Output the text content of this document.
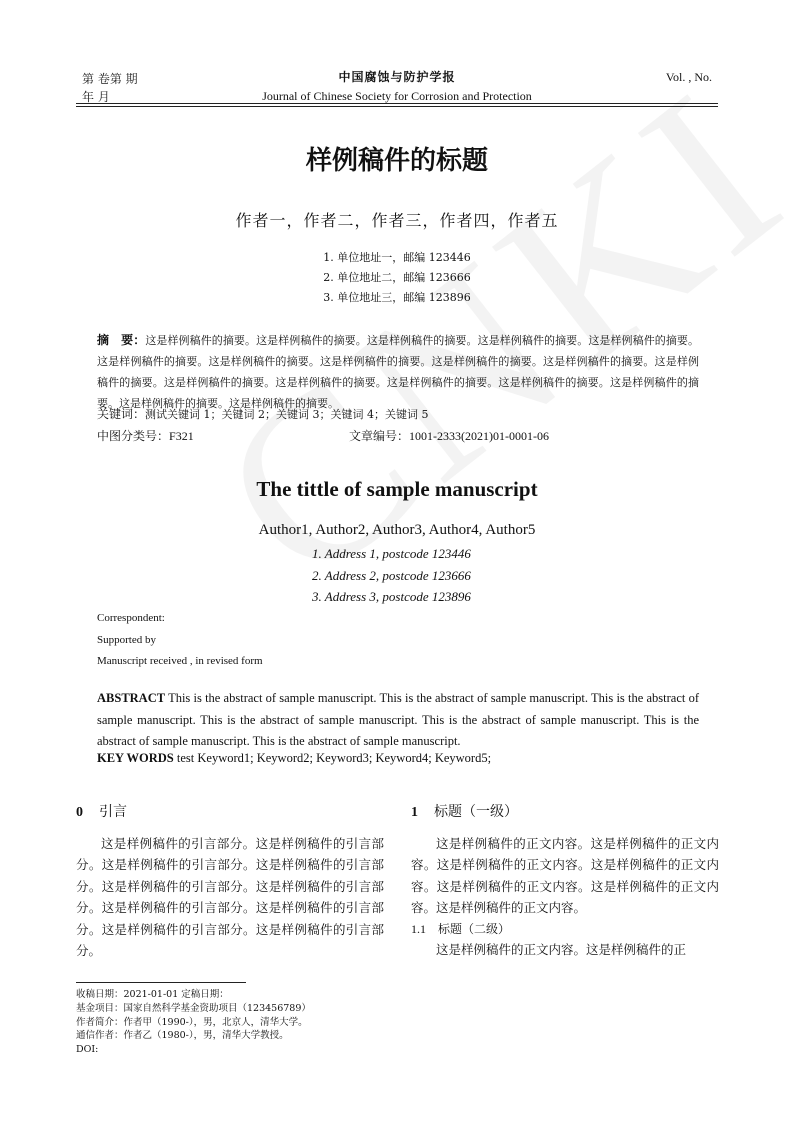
第 卷第 期
年 月
中国腐蚀与防护学报
Journal of Chinese Society for Corrosion and Protection
Vol. , No.
样例稿件的标题
作者一，作者二，作者三，作者四，作者五
1. 单位地址一，邮编 123446
2. 单位地址二，邮编 123666
3. 单位地址三，邮编 123896
摘　要：这是样例稿件的摘要。这是样例稿件的摘要。这是样例稿件的摘要。这是样例稿件的摘要。这是样例稿件的摘要。这是样例稿件的摘要。这是样例稿件的摘要。这是样例稿件的摘要。这是样例稿件的摘要。这是样例稿件的摘要。这是样例稿件的摘要。这是样例稿件的摘要。这是样例稿件的摘要。这是样例稿件的摘要。这是样例稿件的摘要。这是样例稿件的摘要。这是样例稿件的摘要。这是样例稿件的摘要。
关键词：测试关键词 1；关键词 2；关键词 3；关键词 4；关键词 5
中图分类号：F321	文章编号：1001-2333(2021)01-0001-06
The tittle of sample manuscript
Author1, Author2, Author3, Author4, Author5
1. Address 1, postcode 123446
2. Address 2, postcode 123666
3. Address 3, postcode 123896
Correspondent:
Supported by
Manuscript received , in revised form
ABSTRACT This is the abstract of sample manuscript. This is the abstract of sample manuscript. This is the abstract of sample manuscript. This is the abstract of sample manuscript. This is the abstract of sample manuscript. This is the abstract of sample manuscript. This is the abstract of sample manuscript.
KEY WORDS test Keyword1; Keyword2; Keyword3; Keyword4; Keyword5;
0 引言
这是样例稿件的引言部分。这是样例稿件的引言部分。这是样例稿件的引言部分。这是样例稿件的引言部分。这是样例稿件的引言部分。这是样例稿件的引言部分。这是样例稿件的引言部分。这是样例稿件的引言部分。这是样例稿件的引言部分。这是样例稿件的引言部分。
1 标题（一级）
这是样例稿件的正文内容。这是样例稿件的正文内容。这是样例稿件的正文内容。这是样例稿件的正文内容。这是样例稿件的正文内容。这是样例稿件的正文内容。这是样例稿件的正文内容。
1.1 标题（二级）
这是样例稿件的正文内容。这是样例稿件的正
收稿日期：2021-01-01 定稿日期：
基金项目：国家自然科学基金资助项目（123456789）
作者简介：作者甲（1990-），男，北京人，清华大学。
通信作者：作者乙（1980-），男，清华大学教授。
DOI:
